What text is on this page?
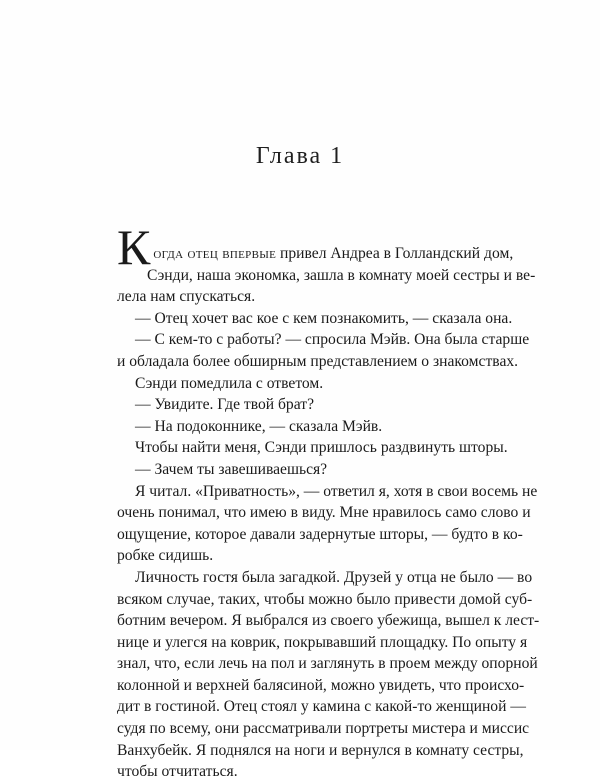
Глава 1
К огда отец впервые привел Андреа в Голландский дом,
Сэнди, наша экономка, зашла в комнату моей сестры и ве-
лела нам спускаться.
— Отец хочет вас кое с кем познакомить, — сказала она.
— С кем-то с работы? — спросила Мэйв. Она была старше
и обладала более обширным представлением о знакомствах.
Сэнди помедлила с ответом.
— Увидите. Где твой брат?
— На подоконнике, — сказала Мэйв.
Чтобы найти меня, Сэнди пришлось раздвинуть шторы.
— Зачем ты завешиваешься?
Я читал. «Приватность», — ответил я, хотя в свои восемь не
очень понимал, что имею в виду. Мне нравилось само слово и
ощущение, которое давали задернутые шторы, — будто в ко-
робке сидишь.
Личность гостя была загадкой. Друзей у отца не было — во
всяком случае, таких, чтобы можно было привести домой суб-
ботним вечером. Я выбрался из своего убежища, вышел к лест-
нице и улегся на коврик, покрывавший площадку. По опыту я
знал, что, если лечь на пол и заглянуть в проем между опорной
колонной и верхней балясиной, можно увидеть, что происхо-
дит в гостиной. Отец стоял у камина с какой-то женщиной —
судя по всему, они рассматривали портреты мистера и миссис
Ванхубейк. Я поднялся на ноги и вернулся в комнату сестры,
чтобы отчитаться.
